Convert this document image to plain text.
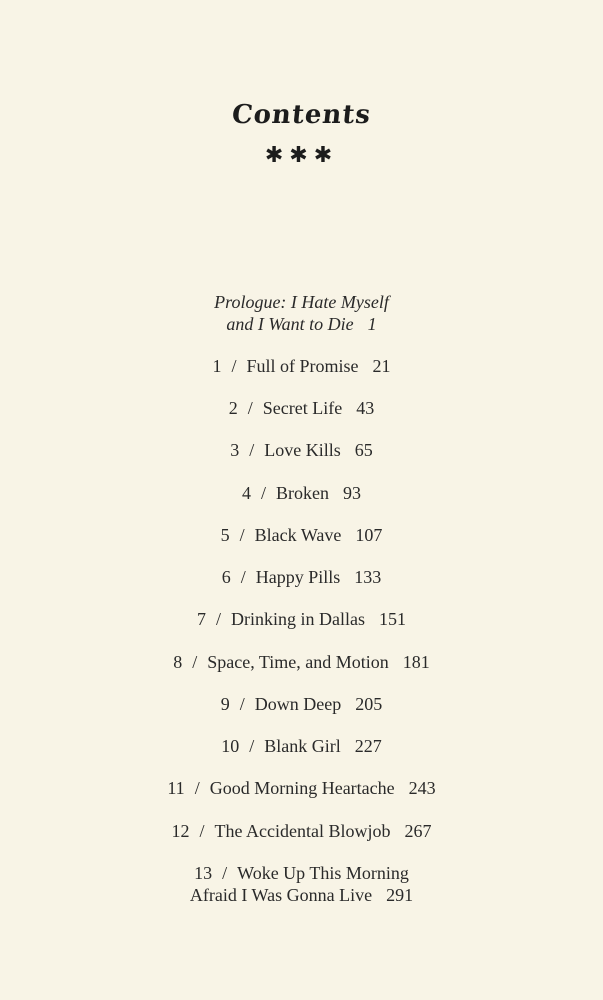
Contents
✱✱✱
Prologue: I Hate Myself
and I Want to Die 1
1 / Full of Promise 21
2 / Secret Life 43
3 / Love Kills 65
4 / Broken 93
5 / Black Wave 107
6 / Happy Pills 133
7 / Drinking in Dallas 151
8 / Space, Time, and Motion 181
9 / Down Deep 205
10 / Blank Girl 227
11 / Good Morning Heartache 243
12 / The Accidental Blowjob 267
13 / Woke Up This Morning
Afraid I Was Gonna Live 291
